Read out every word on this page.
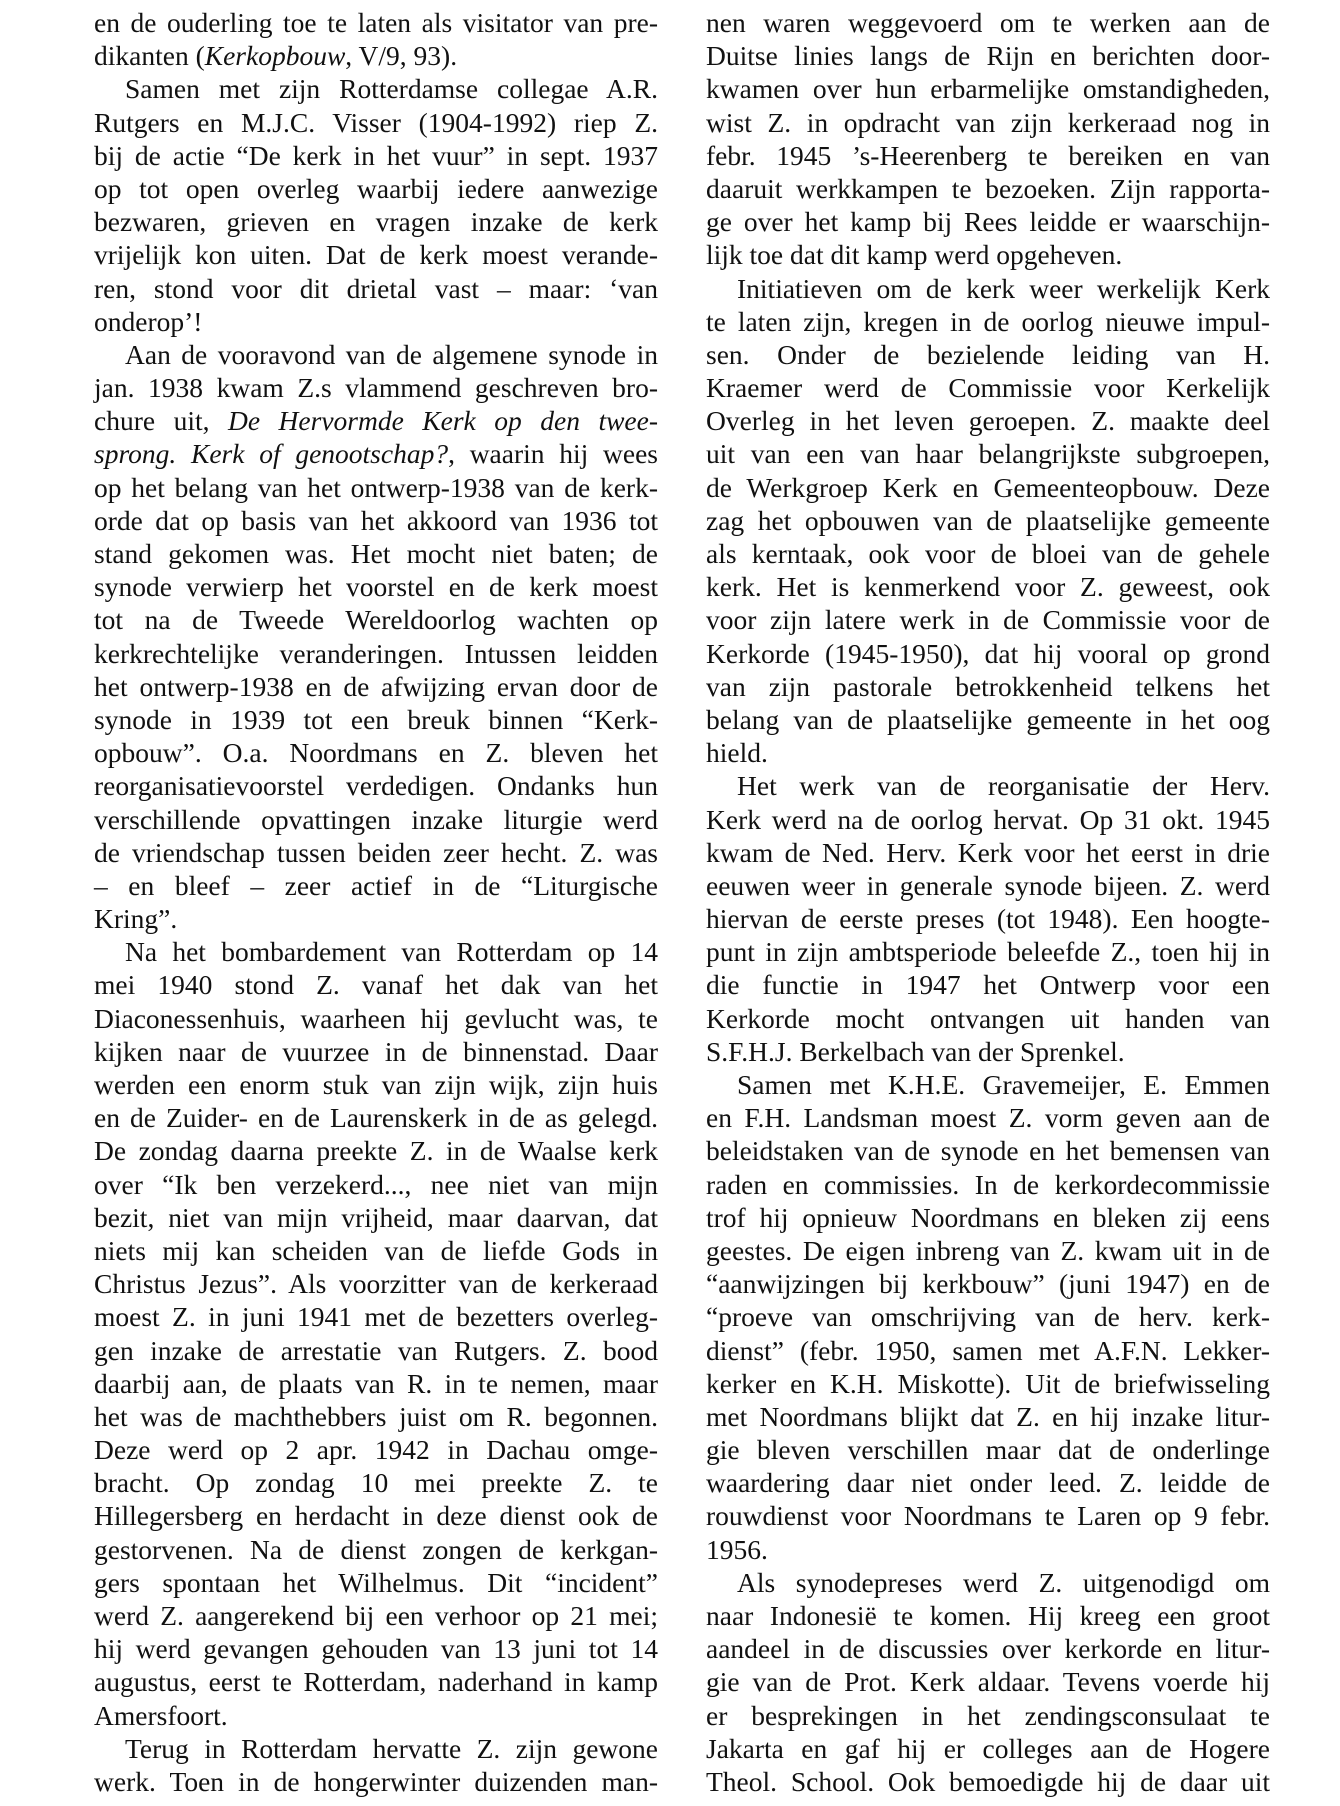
en de ouderling toe te laten als visitator van pre-
dikanten (Kerkopbouw, V/9, 93).
Samen met zijn Rotterdamse collegae A.R.
Rutgers en M.J.C. Visser (1904-1992) riep Z.
bij de actie “De kerk in het vuur” in sept. 1937
op tot open overleg waarbij iedere aanwezige
bezwaren, grieven en vragen inzake de kerk
vrijelijk kon uiten. Dat de kerk moest verande-
ren, stond voor dit drietal vast – maar: ‘van
onderop’!
Aan de vooravond van de algemene synode in
jan. 1938 kwam Z.s vlammend geschreven bro-
chure uit, De Hervormde Kerk op den twee-
sprong. Kerk of genootschap?, waarin hij wees
op het belang van het ontwerp-1938 van de kerk-
orde dat op basis van het akkoord van 1936 tot
stand gekomen was. Het mocht niet baten; de
synode verwierp het voorstel en de kerk moest
tot na de Tweede Wereldoorlog wachten op
kerkrechtelijke veranderingen. Intussen leidden
het ontwerp-1938 en de afwijzing ervan door de
synode in 1939 tot een breuk binnen “Kerk-
opbouw”. O.a. Noordmans en Z. bleven het
reorganisatievoorstel verdedigen. Ondanks hun
verschillende opvattingen inzake liturgie werd
de vriendschap tussen beiden zeer hecht. Z. was
– en bleef – zeer actief in de “Liturgische
Kring”.
Na het bombardement van Rotterdam op 14
mei 1940 stond Z. vanaf het dak van het
Diaconessenhuis, waarheen hij gevlucht was, te
kijken naar de vuurzee in de binnenstad. Daar
werden een enorm stuk van zijn wijk, zijn huis
en de Zuider- en de Laurenskerk in de as gelegd.
De zondag daarna preekte Z. in de Waalse kerk
over “Ik ben verzekerd..., nee niet van mijn
bezit, niet van mijn vrijheid, maar daarvan, dat
niets mij kan scheiden van de liefde Gods in
Christus Jezus”. Als voorzitter van de kerkeraad
moest Z. in juni 1941 met de bezetters overleg-
gen inzake de arrestatie van Rutgers. Z. bood
daarbij aan, de plaats van R. in te nemen, maar
het was de machthebbers juist om R. begonnen.
Deze werd op 2 apr. 1942 in Dachau omge-
bracht. Op zondag 10 mei preekte Z. te
Hillegersberg en herdacht in deze dienst ook de
gestorvenen. Na de dienst zongen de kerkgan-
gers spontaan het Wilhelmus. Dit “incident”
werd Z. aangerekend bij een verhoor op 21 mei;
hij werd gevangen gehouden van 13 juni tot 14
augustus, eerst te Rotterdam, naderhand in kamp
Amersfoort.
Terug in Rotterdam hervatte Z. zijn gewone
werk. Toen in de hongerwinter duizenden man-
nen waren weggevoerd om te werken aan de
Duitse linies langs de Rijn en berichten door-
kwamen over hun erbarmelijke omstandigheden,
wist Z. in opdracht van zijn kerkeraad nog in
febr. 1945 ’s-Heerenberg te bereiken en van
daaruit werkkampen te bezoeken. Zijn rapporta-
ge over het kamp bij Rees leidde er waarschijn-
lijk toe dat dit kamp werd opgeheven.
Initiatieven om de kerk weer werkelijk Kerk
te laten zijn, kregen in de oorlog nieuwe impul-
sen. Onder de bezielende leiding van H.
Kraemer werd de Commissie voor Kerkelijk
Overleg in het leven geroepen. Z. maakte deel
uit van een van haar belangrijkste subgroepen,
de Werkgroep Kerk en Gemeenteopbouw. Deze
zag het opbouwen van de plaatselijke gemeente
als kerntaak, ook voor de bloei van de gehele
kerk. Het is kenmerkend voor Z. geweest, ook
voor zijn latere werk in de Commissie voor de
Kerkorde (1945-1950), dat hij vooral op grond
van zijn pastorale betrokkenheid telkens het
belang van de plaatselijke gemeente in het oog
hield.
Het werk van de reorganisatie der Herv.
Kerk werd na de oorlog hervat. Op 31 okt. 1945
kwam de Ned. Herv. Kerk voor het eerst in drie
eeuwen weer in generale synode bijeen. Z. werd
hiervan de eerste preses (tot 1948). Een hoogte-
punt in zijn ambtsperiode beleefde Z., toen hij in
die functie in 1947 het Ontwerp voor een
Kerkorde mocht ontvangen uit handen van
S.F.H.J. Berkelbach van der Sprenkel.
Samen met K.H.E. Gravemeijer, E. Emmen
en F.H. Landsman moest Z. vorm geven aan de
beleidstaken van de synode en het bemensen van
raden en commissies. In de kerkordecommissie
trof hij opnieuw Noordmans en bleken zij eens
geestes. De eigen inbreng van Z. kwam uit in de
“aanwijzingen bij kerkbouw” (juni 1947) en de
“proeve van omschrijving van de herv. kerk-
dienst” (febr. 1950, samen met A.F.N. Lekker-
kerker en K.H. Miskotte). Uit de briefwisseling
met Noordmans blijkt dat Z. en hij inzake litur-
gie bleven verschillen maar dat de onderlinge
waardering daar niet onder leed. Z. leidde de
rouwdienst voor Noordmans te Laren op 9 febr.
1956.
Als synodepreses werd Z. uitgenodigd om
naar Indonesië te komen. Hij kreeg een groot
aandeel in de discussies over kerkorde en litur-
gie van de Prot. Kerk aldaar. Tevens voerde hij
er besprekingen in het zendingsconsulaat te
Jakarta en gaf hij er colleges aan de Hogere
Theol. School. Ook bemoedigde hij de daar uit
